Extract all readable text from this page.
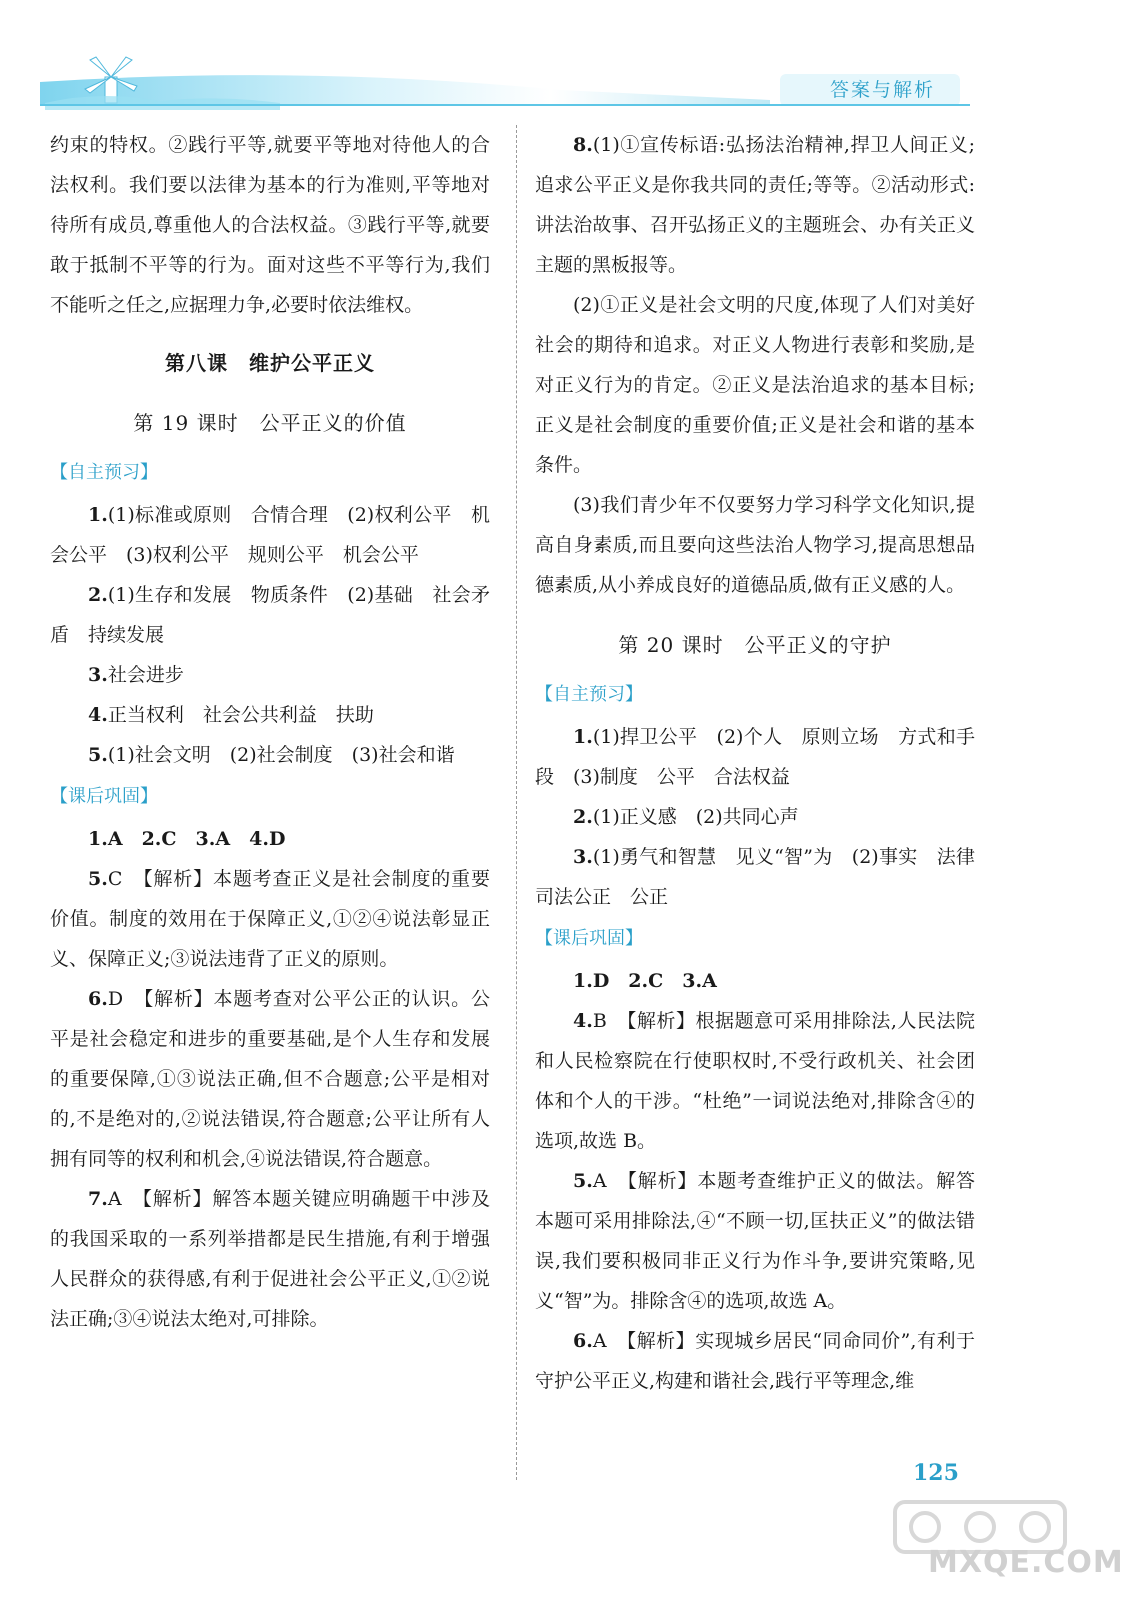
答案与解析

约束的特权。②践行平等,就要平等地对待他人的合法权利。我们要以法律为基本的行为准则,平等地对待所有成员,尊重他人的合法权益。③践行平等,就要敢于抵制不平等的行为。面对这些不平等行为,我们不能听之任之,应据理力争,必要时依法维权。

第八课　维护公平正义
第 19 课时　公平正义的价值
【自主预习】

1.(1)标准或原则　合情合理　(2)权利公平　机会公平　(3)权利公平　规则公平　机会公平

2.(1)生存和发展　物质条件　(2)基础　社会矛盾　持续发展

3.社会进步

4.正当权利　社会公共利益　扶助

5.(1)社会文明　(2)社会制度　(3)社会和谐

【课后巩固】

1.A　2.C　3.A　4.D

5.C　【解析】本题考查正义是社会制度的重要价值。制度的效用在于保障正义,①②④说法彰显正义、保障正义;③说法违背了正义的原则。

6.D　【解析】本题考查对公平公正的认识。公平是社会稳定和进步的重要基础,是个人生存和发展的重要保障,①③说法正确,但不合题意;公平是相对的,不是绝对的,②说法错误,符合题意;公平让所有人拥有同等的权利和机会,④说法错误,符合题意。

7.A　【解析】解答本题关键应明确题干中涉及的我国采取的一系列举措都是民生措施,有利于增强人民群众的获得感,有利于促进社会公平正义,①②说法正确;③④说法太绝对,可排除。

8.(1)①宣传标语:弘扬法治精神,捍卫人间正义;追求公平正义是你我共同的责任;等等。②活动形式:讲法治故事、召开弘扬正义的主题班会、办有关正义主题的黑板报等。

(2)①正义是社会文明的尺度,体现了人们对美好社会的期待和追求。对正义人物进行表彰和奖励,是对正义行为的肯定。②正义是法治追求的基本目标;正义是社会制度的重要价值;正义是社会和谐的基本条件。

(3)我们青少年不仅要努力学习科学文化知识,提高自身素质,而且要向这些法治人物学习,提高思想品德素质,从小养成良好的道德品质,做有正义感的人。

第 20 课时　公平正义的守护
【自主预习】

1.(1)捍卫公平　(2)个人　原则立场　方式和手段　(3)制度　公平　合法权益

2.(1)正义感　(2)共同心声

3.(1)勇气和智慧　见义“智”为　(2)事实　法律　司法公正　公正

【课后巩固】

1.D　2.C　3.A

4.B　【解析】根据题意可采用排除法,人民法院和人民检察院在行使职权时,不受行政机关、社会团体和个人的干涉。“杜绝”一词说法绝对,排除含④的选项,故选 B。

5.A　【解析】本题考查维护正义的做法。解答本题可采用排除法,④“不顾一切,匡扶正义”的做法错误,我们要积极同非正义行为作斗争,要讲究策略,见义“智”为。排除含④的选项,故选 A。

6.A　【解析】实现城乡居民“同命同价”,有利于守护公平正义,构建和谐社会,践行平等理念,维

125
MXQE.COM
